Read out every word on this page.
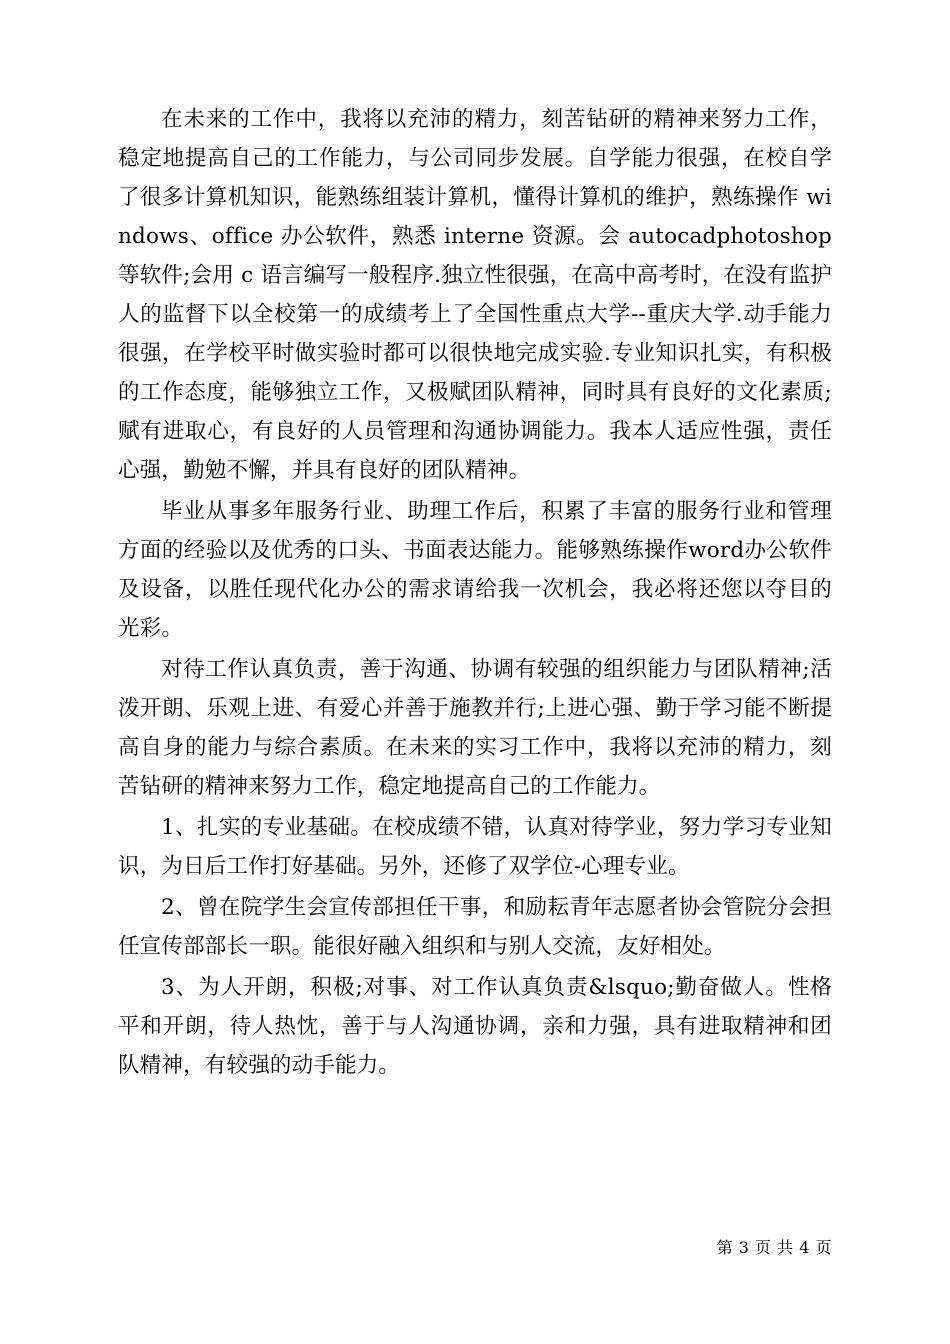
在未来的工作中，我将以充沛的精力，刻苦钻研的精神来努力工作，稳定地提高自己的工作能力，与公司同步发展。自学能力很强，在校自学了很多计算机知识，能熟练组装计算机，懂得计算机的维护，熟练操作 windows、office 办公软件，熟悉 interne 资源。会 autocadphotoshop 等软件;会用 c 语言编写一般程序.独立性很强，在高中高考时，在没有监护人的监督下以全校第一的成绩考上了全国性重点大学--重庆大学.动手能力很强，在学校平时做实验时都可以很快地完成实验.专业知识扎实，有积极的工作态度，能够独立工作，又极赋团队精神，同时具有良好的文化素质;赋有进取心，有良好的人员管理和沟通协调能力。我本人适应性强，责任心强，勤勉不懈，并具有良好的团队精神。

毕业从事多年服务行业、助理工作后，积累了丰富的服务行业和管理方面的经验以及优秀的口头、书面表达能力。能够熟练操作word办公软件及设备，以胜任现代化办公的需求请给我一次机会，我必将还您以夺目的光彩。

对待工作认真负责，善于沟通、协调有较强的组织能力与团队精神;活泼开朗、乐观上进、有爱心并善于施教并行;上进心强、勤于学习能不断提高自身的能力与综合素质。在未来的实习工作中，我将以充沛的精力，刻苦钻研的精神来努力工作，稳定地提高自己的工作能力。

1、扎实的专业基础。在校成绩不错，认真对待学业，努力学习专业知识，为日后工作打好基础。另外，还修了双学位-心理专业。

2、曾在院学生会宣传部担任干事，和励耘青年志愿者协会管院分会担任宣传部部长一职。能很好融入组织和与别人交流，友好相处。

3、为人开朗，积极;对事、对工作认真负责&lsquo;勤奋做人。性格平和开朗，待人热忱，善于与人沟通协调，亲和力强，具有进取精神和团队精神，有较强的动手能力。

第 3 页 共 4 页
